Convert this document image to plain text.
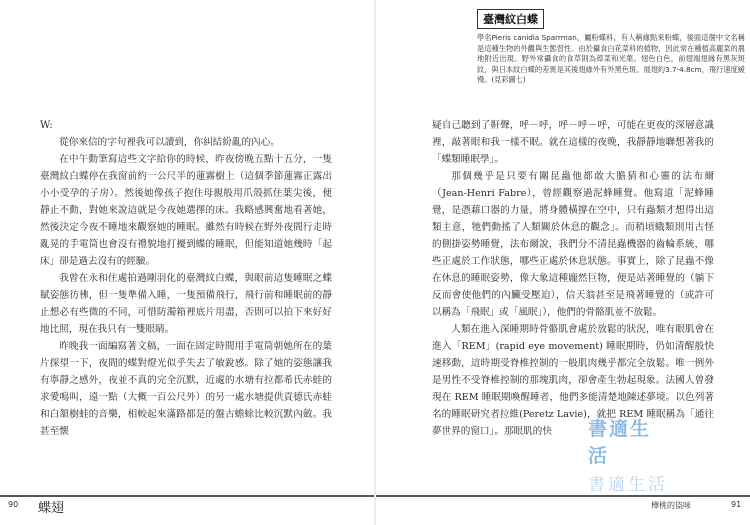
臺灣紋白蝶

學名Pieris canidia Sparrman，屬粉蝶科，有人稱緣點來粉蝶，後面這個中文名稱是這種生物的外觀與生態習性。由於攝食白花菜科的植物，因此常在種植高麗菜的農地附近出現。野外常攝食的食草則為蔊菜和光葉。翅色白色，前翅端翅緣有黑灰斑紋，與日本紋白蝶的差異是其後翅緣外有外黑色斑。展翅約3.7-4.8cm，飛行速度緩慢。(見彩圖七)

W:

從你來信的字句裡我可以讀到，你糾結紛亂的內心。

在中午動筆寫這些文字給你的時候，昨夜傍晚五點十五分，一隻臺灣紋白蝶停在我窗前約一公尺半的蓮霧樹上（這個季節蓮霧正露出小小受孕的子房）。然後她像孩子抱住母親般用爪殼抓住葉尖後，便靜止不動，對她來說這就是今夜她選擇的床。我略感興奮地看著她，然後決定今夜不睡地來觀察她的睡眠。雖然有時候在野外夜間行走時亂晃的手電筒也會沒有禮貌地打擾到蝶的睡眠，但能知道她幾時「起床」卻是過去沒有的經驗。

我曾在永和住處拍過剛羽化的臺灣紋白蝶，與眼前這隻睡眠之蝶賦姿態彷彿，但一隻準備入睡，一隻預備飛行，飛行前和睡眠前的靜止想必有些微的不同，可惜防濁箱裡底片用盡，否則可以拍下來好好地比照，現在我只有一雙眼睛。

昨晚我一面編寫著文稿，一面在固定時間用手電筒朝她所在的葉片探望一下，夜間的蝶對燈光似乎失去了敏銳感。除了她的姿態讓我有寧靜之感外，夜並不真的完全沉默，近處的水塘有拉都希氏赤蛙的求愛鳴叫，遠一點（大概一百公尺外）的另一處水塘提供貢德氏赤蛙和白頷樹蛙的音樂，相較起來滿路都是的盤古蟾蜍比較沉默內斂。我甚至懷

疑自己聽到了鼾聲，呼－呼，呼－呼－呼，可能在更夜的深層意識裡，敲著眼和我一樣不眠。就在這樣的夜晚，我靜靜地聯想著我的「蝶類睡眠學」。

那個幾乎是只要有關昆蟲他都敢大膽猜和心靈的法布爾（Jean-Henri Fabre），曾經觀察過泥蜂睡覺。他寫道「泥蜂睡覺，是憑藉口器的力量，將身體橫撐在空中，只有蟲類才想得出這類主意，牠們動搖了人類關於休息的觀念」。而稍頃蛾類則用古怪的側掛姿勢睡覺，法布爾說，我們分不清昆蟲機器的齒輪系統，哪些正處於工作狀態，哪些正處於休息狀態。事實上，除了昆蟲不像在休息的睡眠姿勢，像大象這種龐然巨物，便是站著睡覺的（躺下反而會使他們的內臟受壓迫），信天翁甚至是飛著睡覺的（或許可以稱為「飛眠」或「風眠」），他們的骨骼肌並不放鬆。

人類在進入深睡期時骨骼肌會處於放鬆的狀況，唯有眼肌會在進入「REM」(rapid eye movement) 睡眠期時，仍如清醒般快速移動，這時期受脊椎控制的一般肌肉幾乎都完全放鬆。唯一例外是男性不受脊椎控制的那塊肌肉，卻會產生勃起現象。法國人曾發現在 REM 睡眠期喚醒睡者，他們多能清楚地陳述夢境。以色列著名的睡眠研究者拉維(Peretz Lavie)，就把 REM 睡眠稱為「通往夢世界的窗口」。那眼肌的快	書適生活
書適生活
90 蝶翅	樺桃的盜味	91
